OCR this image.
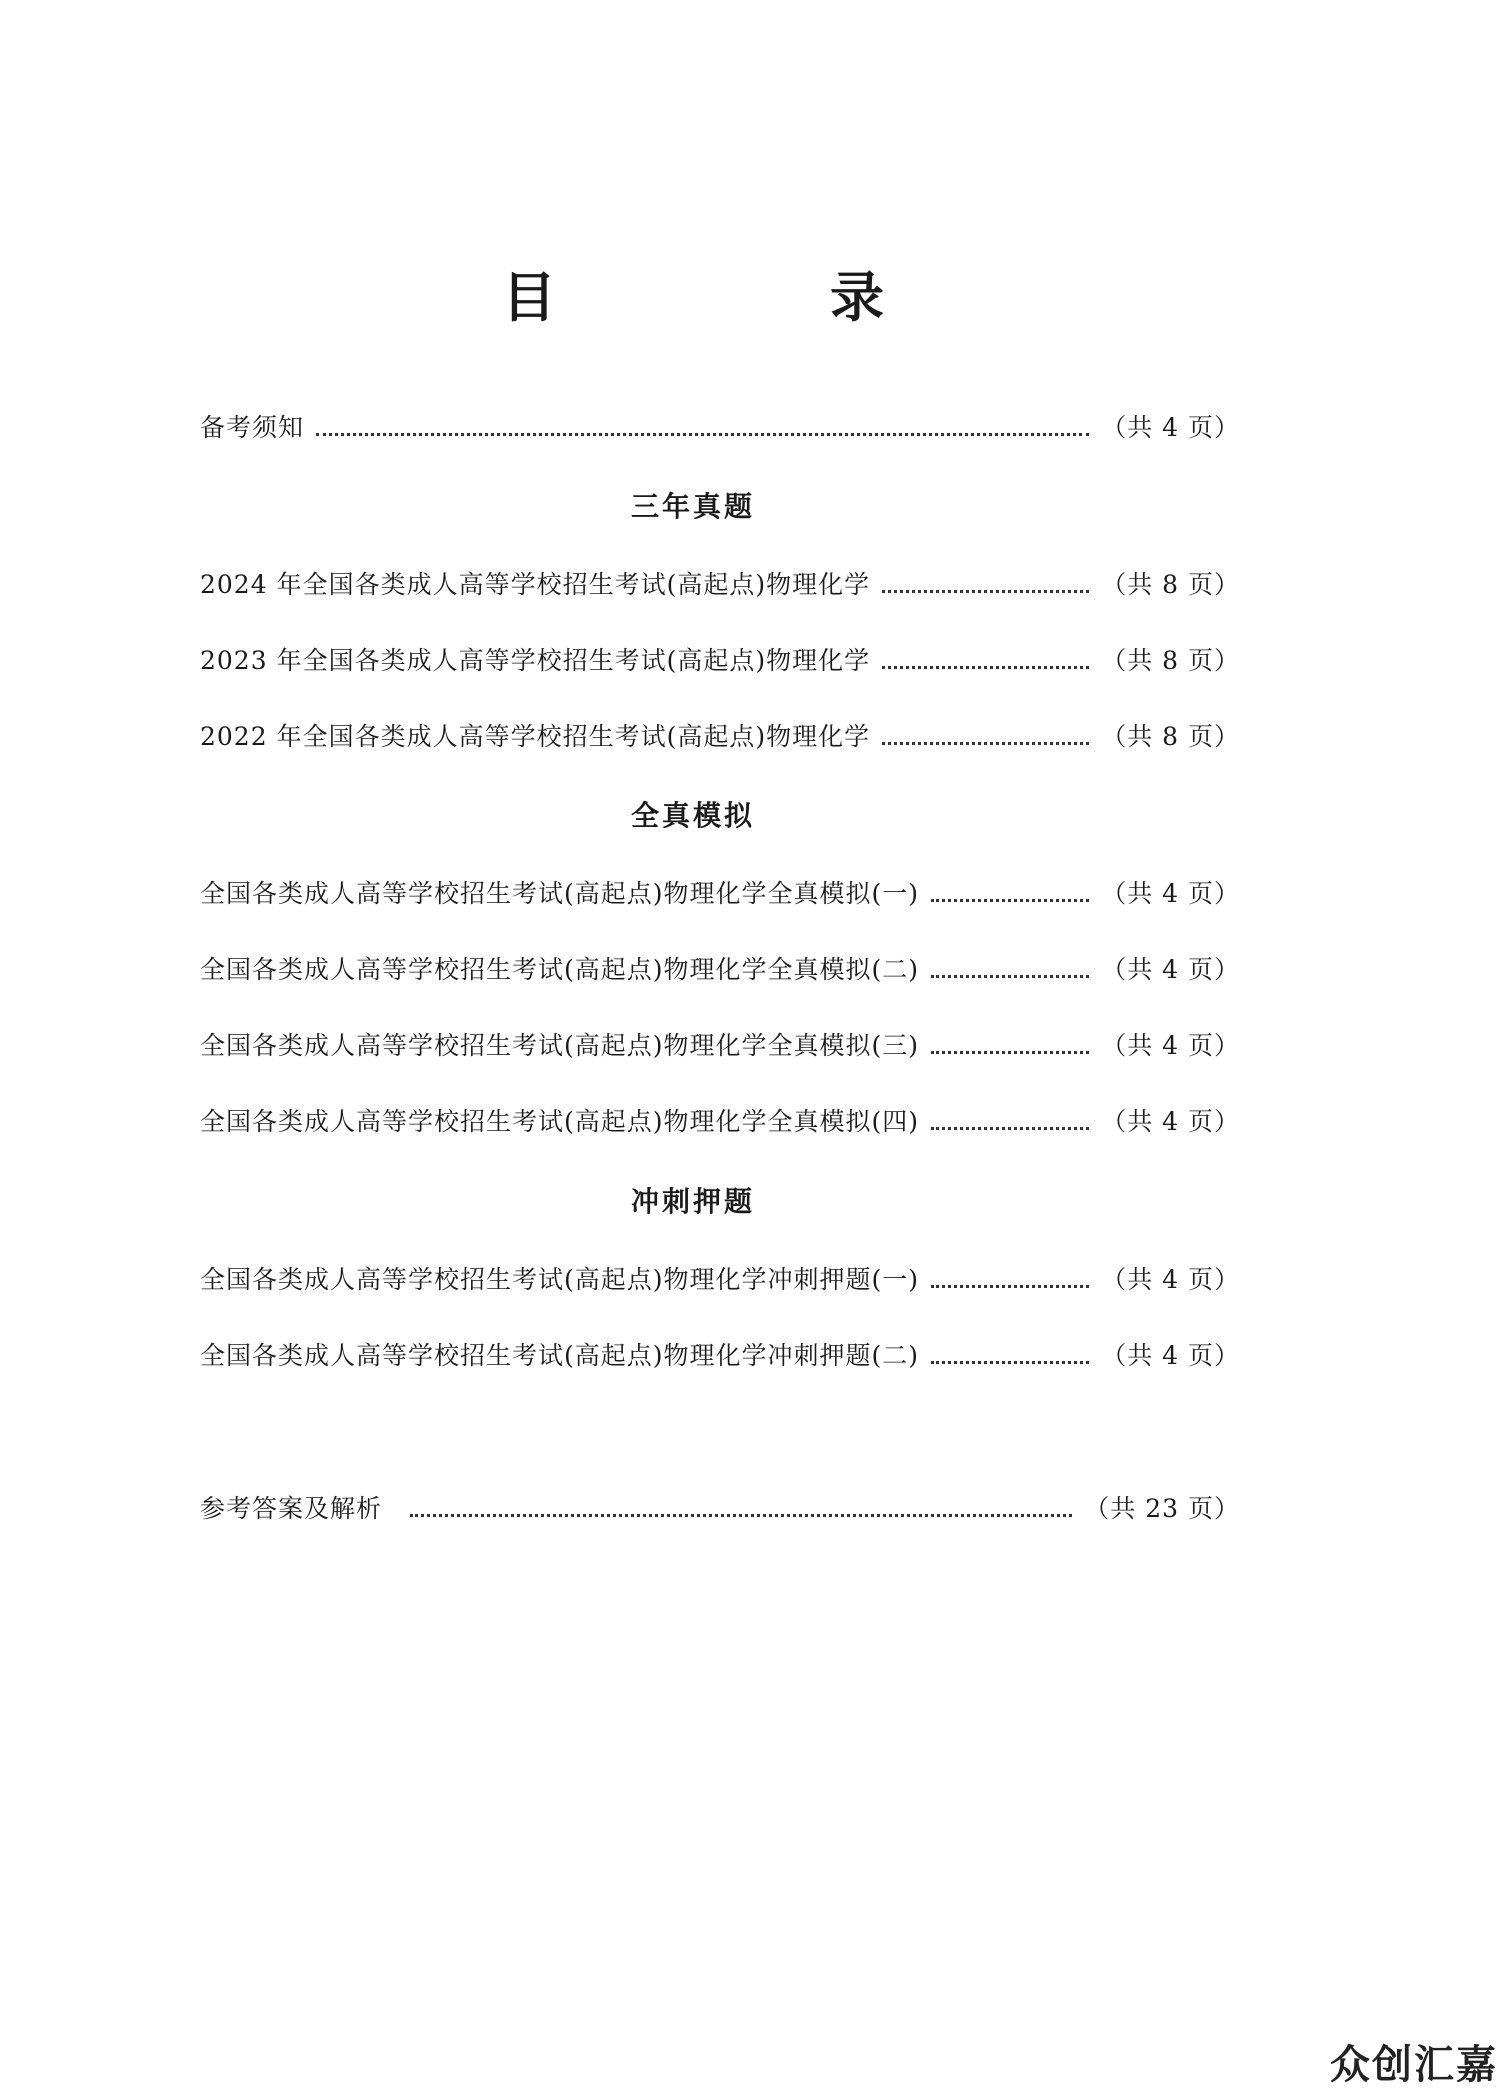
目　录
备考须知	（共 4 页）
三年真题
2024 年全国各类成人高等学校招生考试(高起点)物理化学	（共 8 页）
2023 年全国各类成人高等学校招生考试(高起点)物理化学	（共 8 页）
2022 年全国各类成人高等学校招生考试(高起点)物理化学	（共 8 页）
全真模拟
全国各类成人高等学校招生考试(高起点)物理化学全真模拟(一)	（共 4 页）
全国各类成人高等学校招生考试(高起点)物理化学全真模拟(二)	（共 4 页）
全国各类成人高等学校招生考试(高起点)物理化学全真模拟(三)	（共 4 页）
全国各类成人高等学校招生考试(高起点)物理化学全真模拟(四)	（共 4 页）
冲刺押题
全国各类成人高等学校招生考试(高起点)物理化学冲刺押题(一)	（共 4 页）
全国各类成人高等学校招生考试(高起点)物理化学冲刺押题(二)	（共 4 页）
参考答案及解析	（共 23 页）
众创汇嘉
